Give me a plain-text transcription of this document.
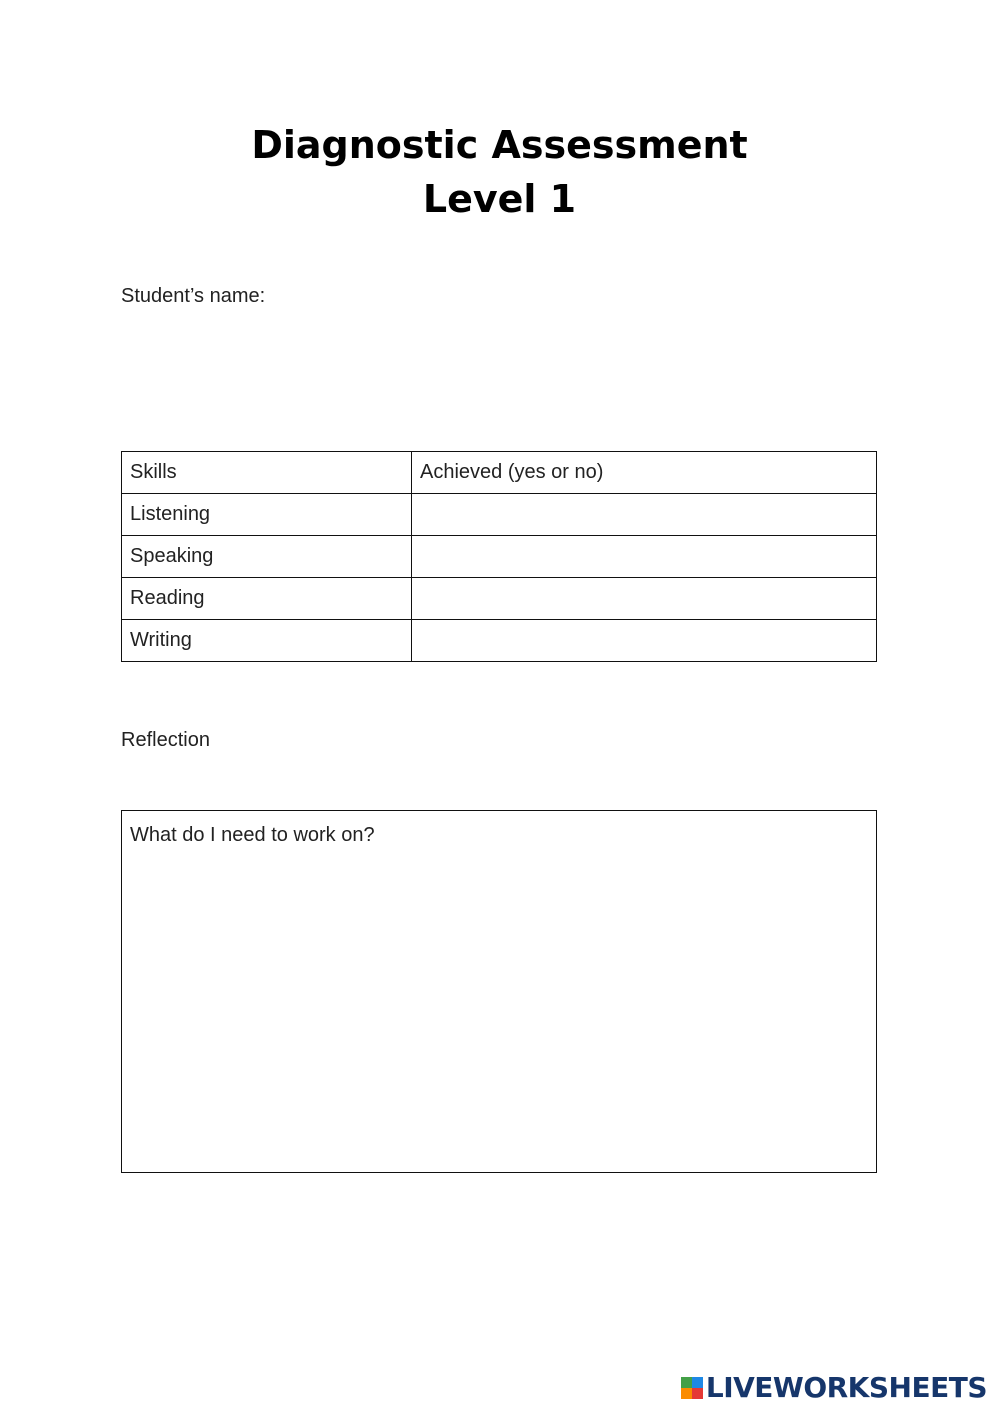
Diagnostic Assessment
Level 1
Student’s name:
Skills	Achieved (yes or no)
Listening	
Speaking	
Reading	
Writing	
Reflection
What do I need to work on?
LIVEWORKSHEETS
